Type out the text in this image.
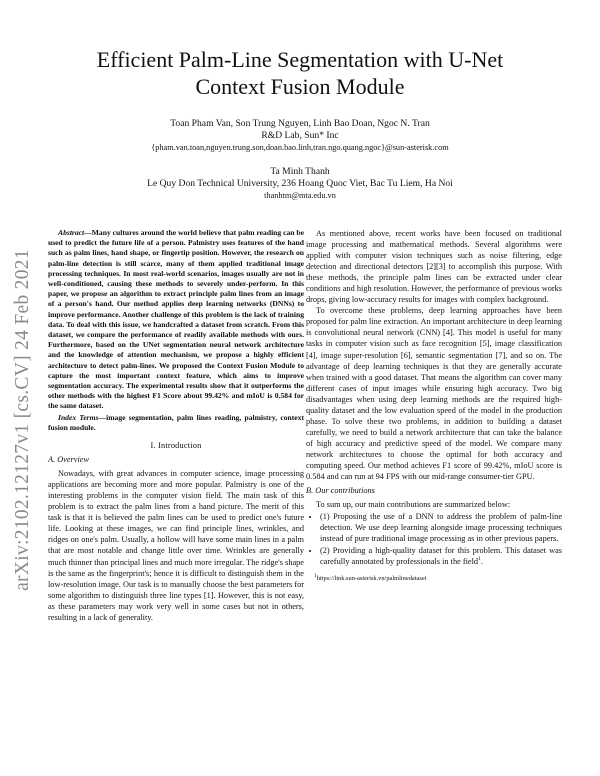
arXiv:2102.12127v1 [cs.CV] 24 Feb 2021
Efficient Palm-Line Segmentation with U-Net
Context Fusion Module
Toan Pham Van, Son Trung Nguyen, Linh Bao Doan, Ngoc N. Tran
R&D Lab, Sun* Inc
{pham.van.toan,nguyen.trung.son,doan.bao.linh,tran.ngo.quang.ngoc}@sun-asterisk.com
Ta Minh Thanh
Le Quy Don Technical University, 236 Hoang Quoc Viet, Bac Tu Liem, Ha Noi
thanhtm@mta.edu.vn

Abstract—Many cultures around the world believe that palm reading can be used to predict the future life of a person. Palmistry uses features of the hand such as palm lines, hand shape, or fingertip position. However, the research on palm-line detection is still scarce, many of them applied traditional image processing techniques. In most real-world scenarios, images usually are not in well-conditioned, causing these methods to severely under-perform. In this paper, we propose an algorithm to extract principle palm lines from an image of a person's hand. Our method applies deep learning networks (DNNs) to improve performance. Another challenge of this problem is the lack of training data. To deal with this issue, we handcrafted a dataset from scratch. From this dataset, we compare the performance of readily available methods with ours. Furthermore, based on the UNet segmentation neural network architecture and the knowledge of attention mechanism, we propose a highly efficient architecture to detect palm-lines. We proposed the Context Fusion Module to capture the most important context feature, which aims to improve segmentation accuracy. The experimental results show that it outperforms the other methods with the highest F1 Score about 99.42% and mIoU is 0.584 for the same dataset.

Index Terms—image segmentation, palm lines reading, palmistry, context fusion module.

I. Introduction
A. Overview

Nowadays, with great advances in computer science, image processing applications are becoming more and more popular. Palmistry is one of the interesting problems in the computer vision field. The main task of this problem is to extract the palm lines from a hand picture. The merit of this task is that it is believed the palm lines can be used to predict one's future life. Looking at these images, we can find principle lines, wrinkles, and ridges on one's palm. Usually, a hollow will have some main lines in a palm that are most notable and change little over time. Wrinkles are generally much thinner than principal lines and much more irregular. The ridge's shape is the same as the fingerprint's; hence it is difficult to distinguish them in the low-resolution image. Our task is to manually choose the best parameters for some algorithm to distinguish three line types [1]. However, this is not easy, as these parameters may work very well in some cases but not in others, resulting in a lack of generality.

As mentioned above, recent works have been focused on traditional image processing and mathematical methods. Several algorithms were applied with computer vision techniques such as noise filtering, edge detection and directional detectors [2][3] to accomplish this purpose. With these methods, the principle palm lines can be extracted under clear conditions and high resolution. However, the performance of previous works drops, giving low-accuracy results for images with complex background.

To overcome these problems, deep learning approaches have been proposed for palm line extraction. An important architecture in deep learning is convolutional neural network (CNN) [4]. This model is useful for many tasks in computer vision such as face recognition [5], image classification [4], image super-resolution [6], semantic segmentation [7], and so on. The advantage of deep learning techniques is that they are generally accurate when trained with a good dataset. That means the algorithm can cover many different cases of input images while ensuring high accuracy. Two big disadvantages when using deep learning methods are the required high-quality dataset and the low evaluation speed of the model in the production phase. To solve these two problems, in addition to building a dataset carefully, we need to build a network architecture that can take the balance of high accuracy and predictive speed of the model. We compare many network architectures to choose the optimal for both accuracy and computing speed. Our method achieves F1 score of 99.42%, mIoU score is 0.584 and can run at 94 FPS with our mid-range consumer-tier GPU.

B. Our contributions

To sum up, our main contributions are summarized below:

• (1) Proposing the use of a DNN to address the problem of palm-line detection. We use deep learning alongside image processing techniques instead of pure traditional image processing as in other previous papers.
• (2) Providing a high-quality dataset for this problem. This dataset was carefully annotated by professionals in the field$^1$.
$^1$https://link.sun-asterisk.vn/palmlinedataset
